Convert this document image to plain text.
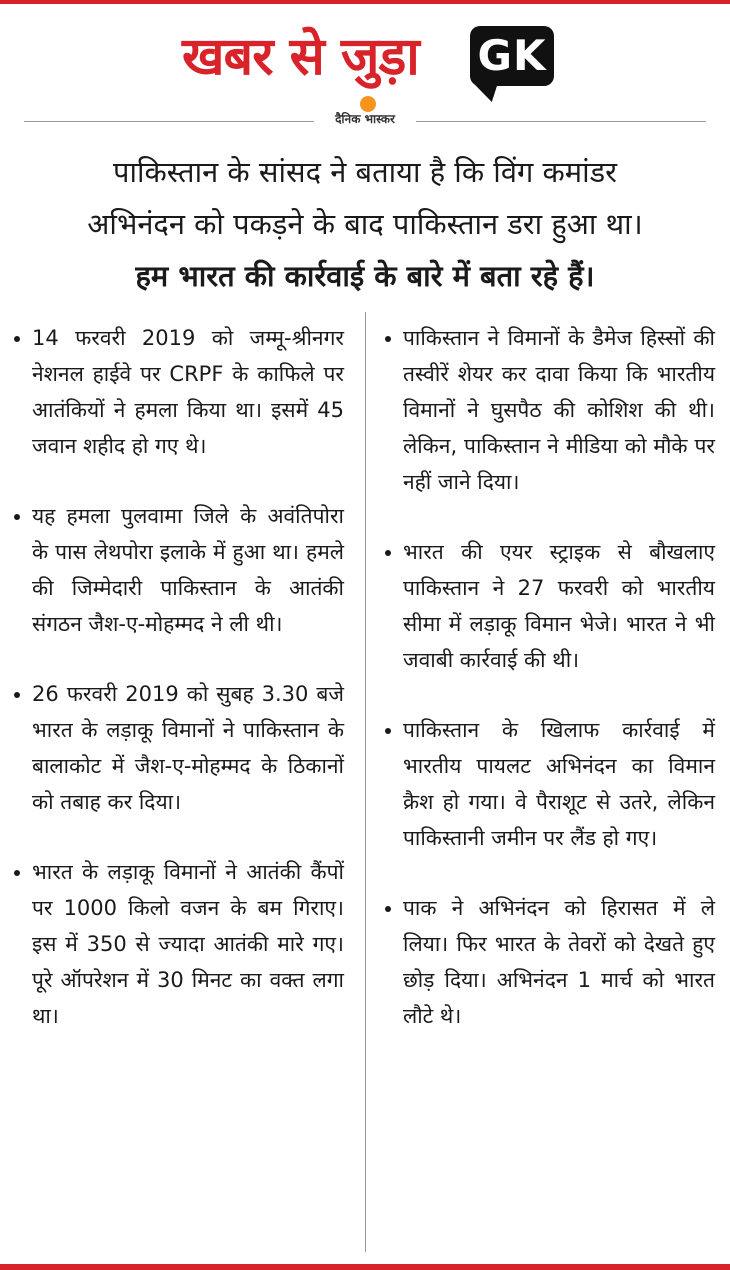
खबर से जुड़ा GK
दैनिक भास्कर
पाकिस्तान के सांसद ने बताया है कि विंग कमांडर
अभिनंदन को पकड़ने के बाद पाकिस्तान डरा हुआ था।
हम भारत की कार्रवाई के बारे में बता रहे हैं।
14 फरवरी 2019 को जम्मू-श्रीनगर नेशनल हाईवे पर CRPF के काफिले पर आतंकियों ने हमला किया था। इसमें 45 जवान शहीद हो गए थे।
यह हमला पुलवामा जिले के अवंतिपोरा के पास लेथपोरा इलाके में हुआ था। हमले की जिम्मेदारी पाकिस्तान के आतंकी संगठन जैश-ए-मोहम्मद ने ली थी।
26 फरवरी 2019 को सुबह 3.30 बजे भारत के लड़ाकू विमानों ने पाकिस्तान के बालाकोट में जैश-ए-मोहम्मद के ठिकानों को तबाह कर दिया।
भारत के लड़ाकू विमानों ने आतंकी कैंपों पर 1000 किलो वजन के बम गिराए। इस में 350 से ज्यादा आतंकी मारे गए। पूरे ऑपरेशन में 30 मिनट का वक्त लगा था।
पाकिस्तान ने विमानों के डैमेज हिस्सों की तस्वीरें शेयर कर दावा किया कि भारतीय विमानों ने घुसपैठ की कोशिश की थी। लेकिन, पाकिस्तान ने मीडिया को मौके पर नहीं जाने दिया।
भारत की एयर स्ट्राइक से बौखलाए पाकिस्तान ने 27 फरवरी को भारतीय सीमा में लड़ाकू विमान भेजे। भारत ने भी जवाबी कार्रवाई की थी।
पाकिस्तान के खिलाफ कार्रवाई में भारतीय पायलट अभिनंदन का विमान क्रैश हो गया। वे पैराशूट से उतरे, लेकिन पाकिस्तानी जमीन पर लैंड हो गए।
पाक ने अभिनंदन को हिरासत में ले लिया। फिर भारत के तेवरों को देखते हुए छोड़ दिया। अभिनंदन 1 मार्च को भारत लौटे थे।
